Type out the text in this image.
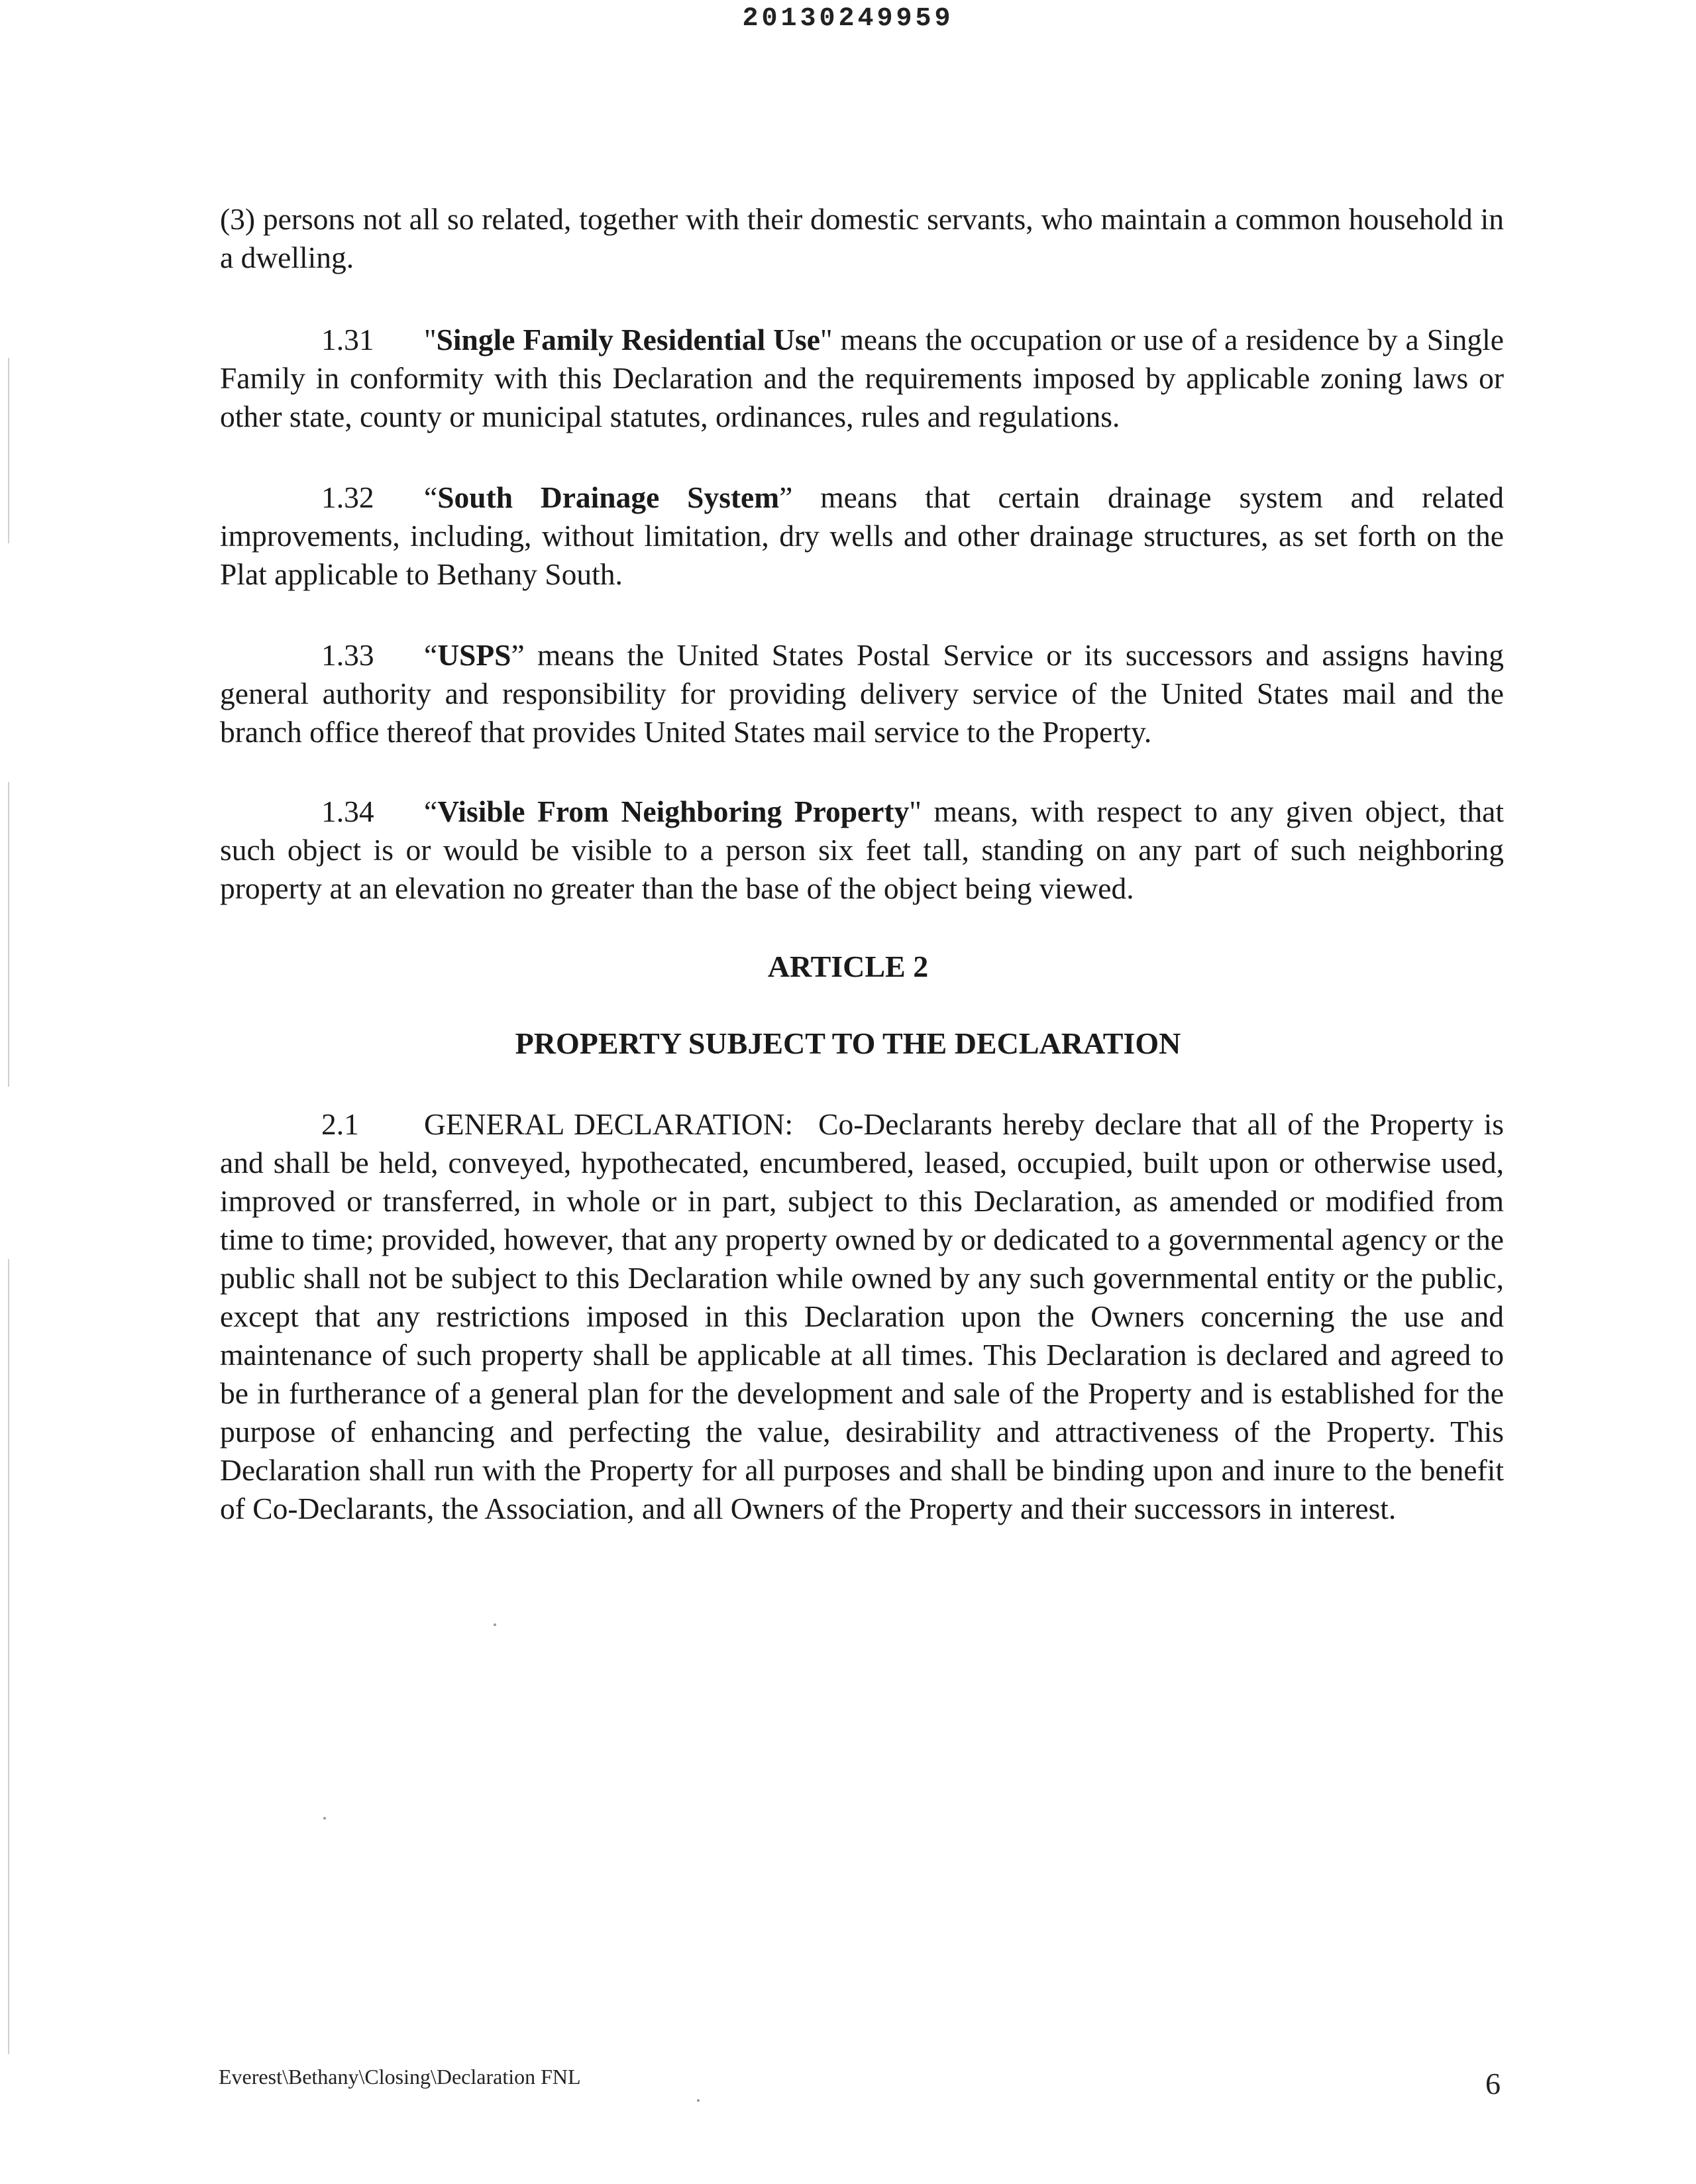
20130249959

(3) persons not all so related, together with their domestic servants, who maintain a common household in a dwelling.

1.31 "Single Family Residential Use" means the occupation or use of a residence by a Single Family in conformity with this Declaration and the requirements imposed by applicable zoning laws or other state, county or municipal statutes, ordinances, rules and regulations.

1.32 “South Drainage System” means that certain drainage system and related improvements, including, without limitation, dry wells and other drainage structures, as set forth on the Plat applicable to Bethany South.

1.33 “USPS” means the United States Postal Service or its successors and assigns having general authority and responsibility for providing delivery service of the United States mail and the branch office thereof that provides United States mail service to the Property.

1.34 “Visible From Neighboring Property" means, with respect to any given object, that such object is or would be visible to a person six feet tall, standing on any part of such neighboring property at an elevation no greater than the base of the object being viewed.

ARTICLE 2
PROPERTY SUBJECT TO THE DECLARATION

2.1 GENERAL DECLARATION: Co-Declarants hereby declare that all of the Property is and shall be held, conveyed, hypothecated, encumbered, leased, occupied, built upon or otherwise used, improved or transferred, in whole or in part, subject to this Declaration, as amended or modified from time to time; provided, however, that any property owned by or dedicated to a governmental agency or the public shall not be subject to this Declaration while owned by any such governmental entity or the public, except that any restrictions imposed in this Declaration upon the Owners concerning the use and maintenance of such property shall be applicable at all times. This Declaration is declared and agreed to be in furtherance of a general plan for the development and sale of the Property and is established for the purpose of enhancing and perfecting the value, desirability and attractiveness of the Property. This Declaration shall run with the Property for all purposes and shall be binding upon and inure to the benefit of Co-Declarants, the Association, and all Owners of the Property and their successors in interest.

Everest\Bethany\Closing\Declaration FNL	6
